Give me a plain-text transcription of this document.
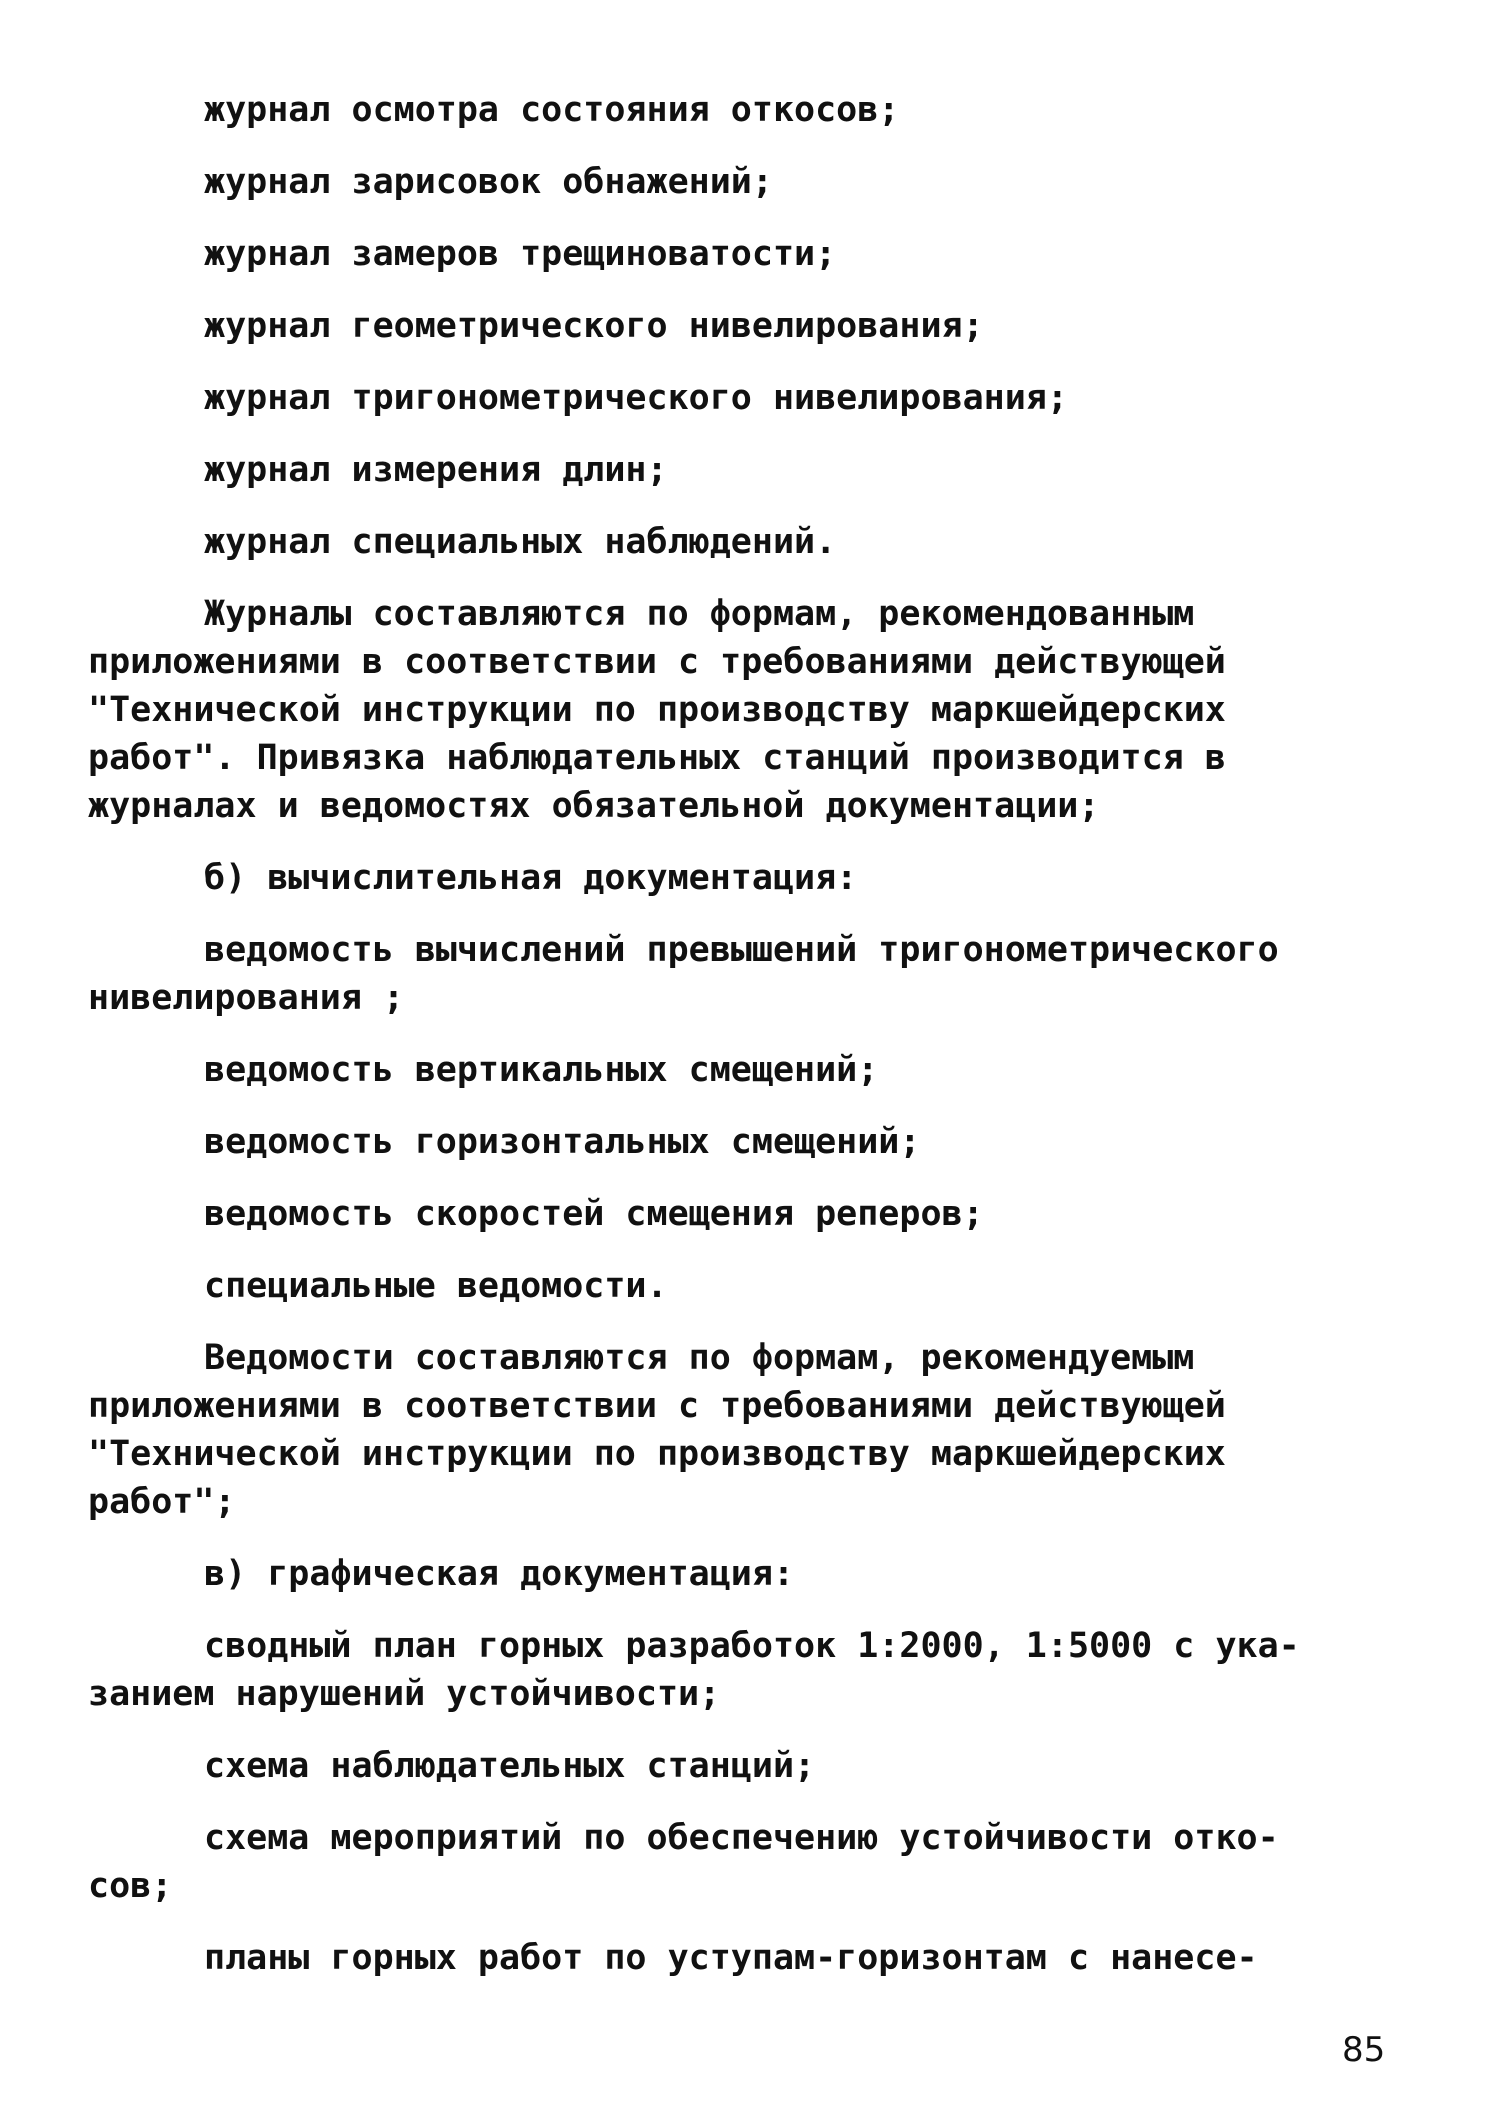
журнал осмотра состояния откосов;
журнал зарисовок обнажений;
журнал замеров трещиноватости;
журнал геометрического нивелирования;
журнал тригонометрического нивелирования;
журнал измерения длин;
журнал специальных наблюдений.
Журналы составляются по формам, рекомендованным
приложениями в соответствии с требованиями действующей
"Технической инструкции по производству маркшейдерских
работ". Привязка наблюдательных станций производится в
журналах и ведомостях обязательной документации;
б) вычислительная документация:
ведомость вычислений превышений тригонометрического
нивелирования ;
ведомость вертикальных смещений;
ведомость горизонтальных смещений;
ведомость скоростей смещения реперов;
специальные ведомости.
Ведомости составляются по формам, рекомендуемым
приложениями в соответствии с требованиями действующей
"Технической инструкции по производству маркшейдерских
работ";
в) графическая документация:
сводный план горных разработок 1:2000, 1:5000 с ука-
занием нарушений устойчивости;
схема наблюдательных станций;
схема мероприятий по обеспечению устойчивости отко-
сов;
планы горных работ по уступам-горизонтам с нанесе-
85
